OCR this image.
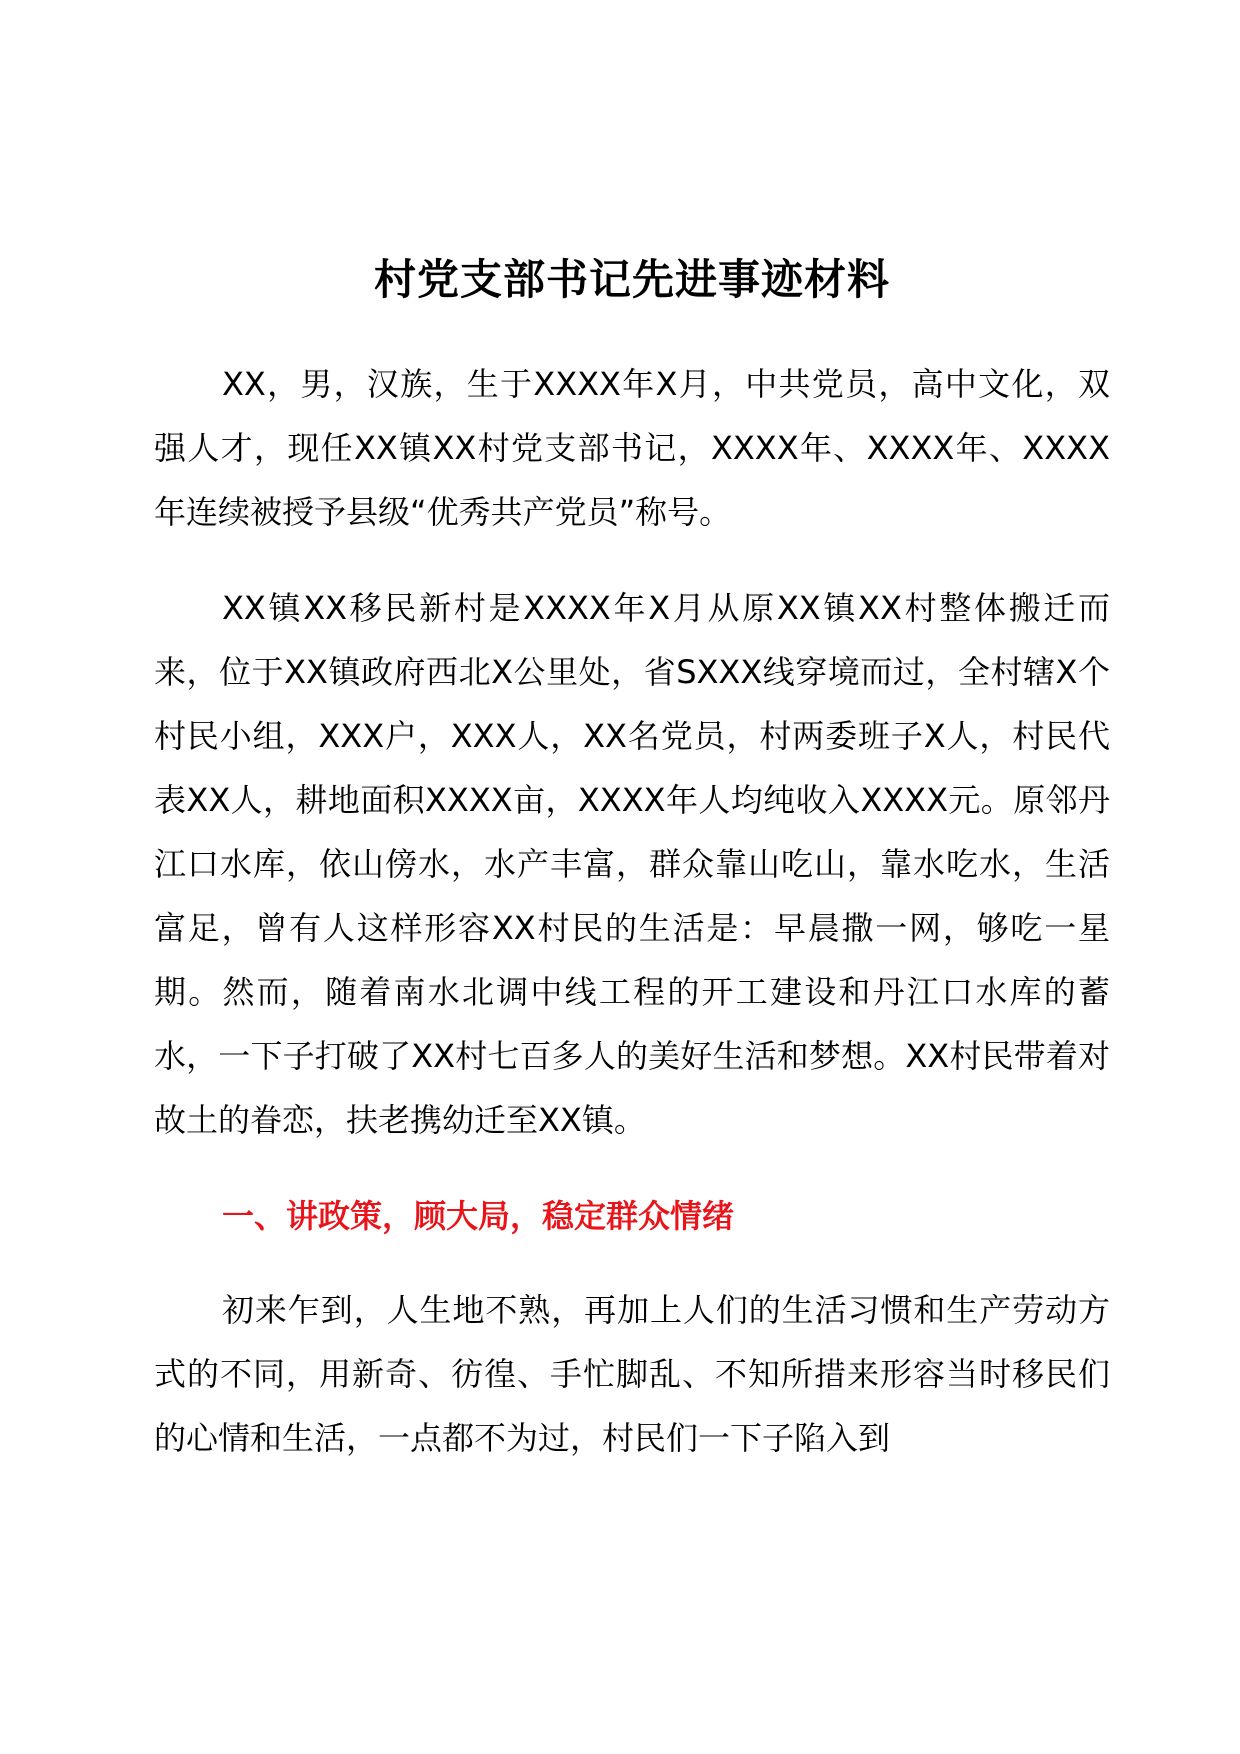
村党支部书记先进事迹材料

XX，男，汉族，生于XXXX年X月，中共党员，高中文化，双强人才，现任XX镇XX村党支部书记，XXXX年、XXXX年、XXXX年连续被授予县级“优秀共产党员”称号。

XX镇XX移民新村是XXXX年X月从原XX镇XX村整体搬迁而来，位于XX镇政府西北X公里处，省SXXX线穿境而过，全村辖X个村民小组，XXX户，XXX人，XX名党员，村两委班子X人，村民代表XX人，耕地面积XXXX亩，XXXX年人均纯收入XXXX元。原邻丹江口水库，依山傍水，水产丰富，群众靠山吃山，靠水吃水，生活富足，曾有人这样形容XX村民的生活是：早晨撒一网，够吃一星期。然而，随着南水北调中线工程的开工建设和丹江口水库的蓄水，一下子打破了XX村七百多人的美好生活和梦想。XX村民带着对故土的眷恋，扶老携幼迁至XX镇。

一、讲政策，顾大局，稳定群众情绪

初来乍到，人生地不熟，再加上人们的生活习惯和生产劳动方式的不同，用新奇、彷徨、手忙脚乱、不知所措来形容当时移民们的心情和生活，一点都不为过，村民们一下子陷入到
